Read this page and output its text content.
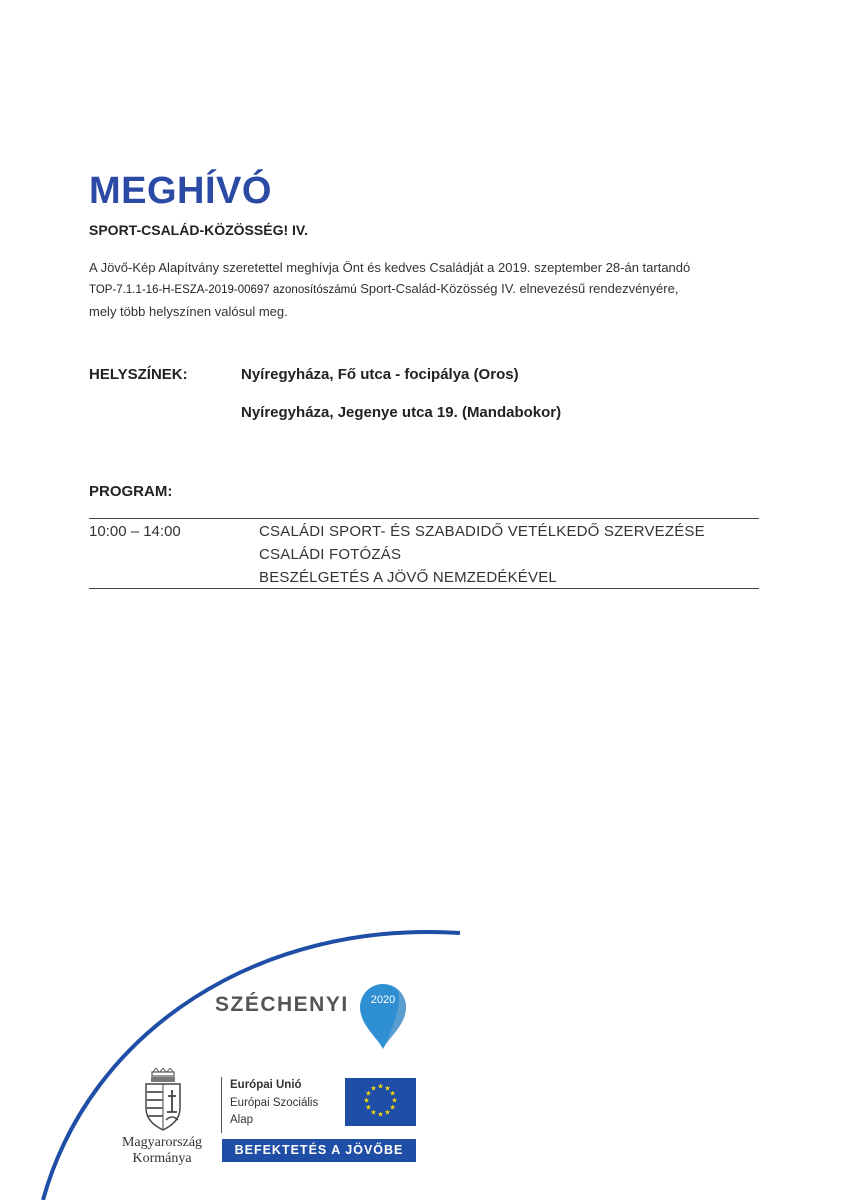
MEGHÍVÓ
SPORT-CSALÁD-KÖZÖSSÉG! IV.
A Jövő-Kép Alapítvány szeretettel meghívja Önt és kedves Családját a 2019. szeptember 28-án tartandó
TOP-7.1.1-16-H-ESZA-2019-00697 azonosítószámú Sport-Család-Közösség IV. elnevezésű rendezvényére,
mely több helyszínen valósul meg.
HELYSZÍNEK:	Nyíregyháza, Fő utca - focipálya (Oros)
Nyíregyháza, Jegenye utca 19. (Mandabokor)
PROGRAM:
10:00 – 14:00	CSALÁDI SPORT- ÉS SZABADIDŐ VETÉLKEDŐ SZERVEZÉSE
CSALÁDI FOTÓZÁS
BESZÉLGETÉS A JÖVŐ NEMZEDÉKÉVEL
SZÉCHENYI	2020
Magyarország
Kormánya
Európai Unió
Európai Szociális
Alap
★ ★
★
★
★
★
★
★
★
★
★
★
BEFEKTETÉS A JÖVŐBE
